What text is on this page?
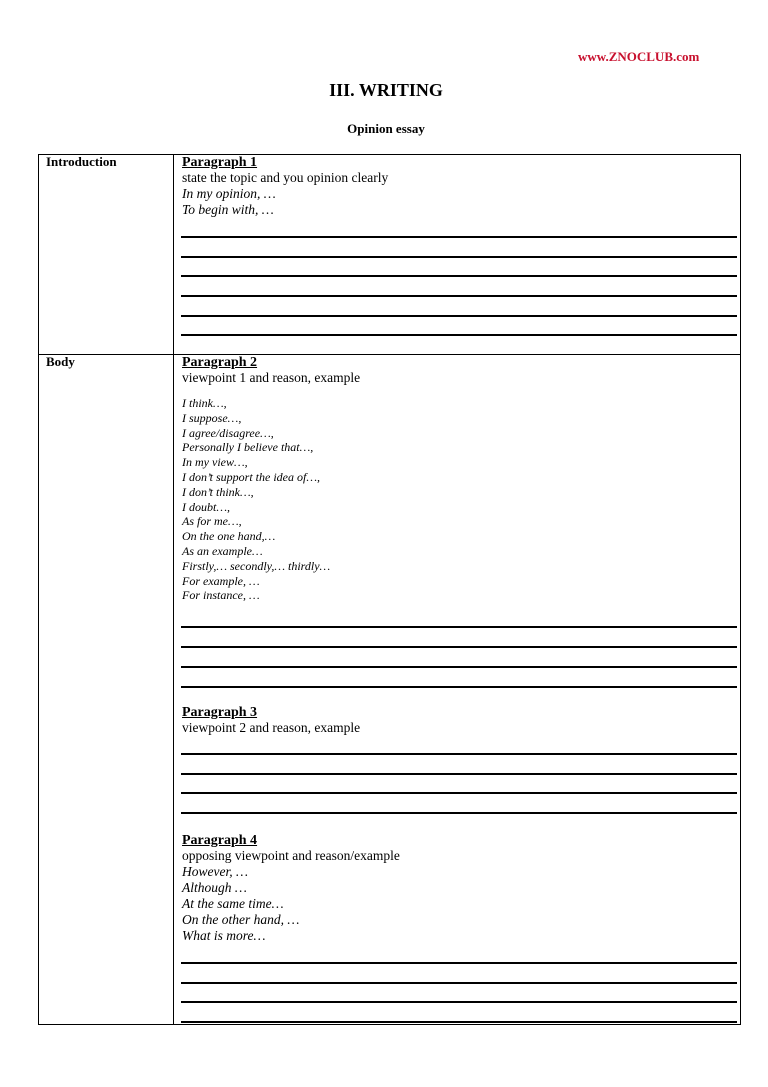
www.ZNOCLUB.com
III. WRITING
Opinion essay
Introduction	Paragraph 1
state the topic and you opinion clearly
In my opinion, …
To begin with, …
Body	Paragraph 2
viewpoint 1 and reason, example
I think…,
I suppose…,
I agree/disagree…,
Personally I believe that…,
In my view…,
I don’t support the idea of…,
I don’t think…,
I doubt…,
As for me…,
On the one hand,…
As an example…
Firstly,… secondly,… thirdly…
For example, …
For instance, …
Paragraph 3
viewpoint 2 and reason, example
Paragraph 4
opposing viewpoint and reason/example
However, …
Although …
At the same time…
On the other hand, …
What is more…
